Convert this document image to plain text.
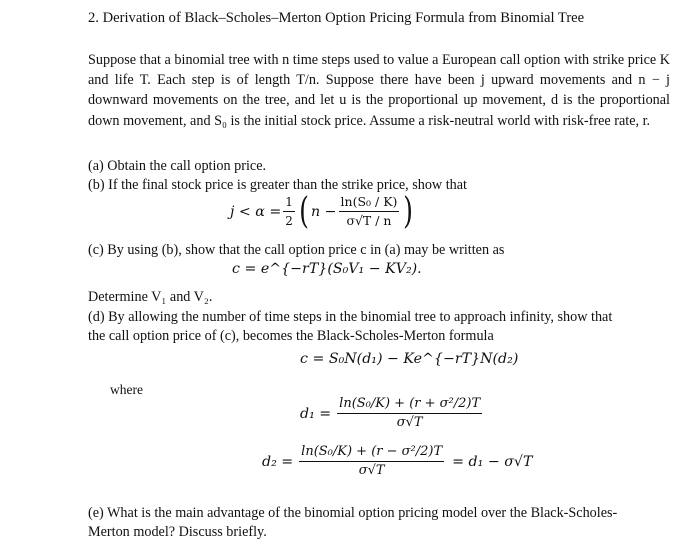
2. Derivation of Black–Scholes–Merton Option Pricing Formula from Binomial Tree
Suppose that a binomial tree with n time steps used to value a European call option with strike price K and life T. Each step is of length T/n. Suppose there have been j upward movements and n − j downward movements on the tree, and let u is the proportional up movement, d is the proportional down movement, and S₀ is the initial stock price. Assume a risk-neutral world with risk-free rate, r.
(a) Obtain the call option price.
(b) If the final stock price is greater than the strike price, show that
$j < \alpha = \frac{1}{2}$ ( $n - \frac{\text{ln(S₀ / K)}}{\sigma√T / n}$ )
(c) By using (b), show that the call option price c in (a) may be written as
c = e^{−rT}(S₀V₁ − KV₂).
Determine V₁ and V₂.
(d) By allowing the number of time steps in the binomial tree to approach infinity, show that
the call option price of (c), becomes the Black-Scholes-Merton formula
c = S₀N(d₁) − Ke^{−rT}N(d₂)
where
$d_1 = \frac{\text{ln(S₀/K) + (r + σ²/2)T}}{\sigma√T}$
$d_2 = \frac{\text{ln(S₀/K) + (r − σ²/2)T}}{\sigma√T} = d_1 - \sigma√T$
(e) What is the main advantage of the binomial option pricing model over the Black-Scholes-
Merton model? Discuss briefly.
